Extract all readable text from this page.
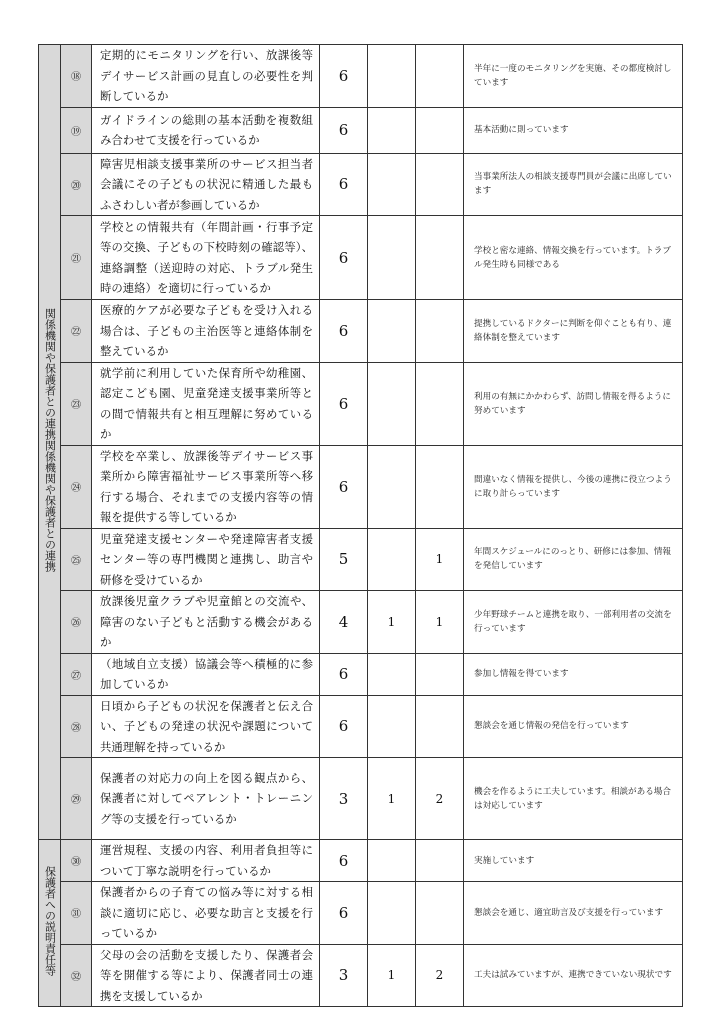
関係機関や保護者との連携関係機関や保護者との連携	⑱	定期的にモニタリングを行い、放課後等デイサービス計画の見直しの必要性を判断しているか	6			半年に一度のモニタリングを実施、その都度検討しています
	⑲	ガイドラインの総則の基本活動を複数組み合わせて支援を行っているか	6			基本活動に則っています
	⑳	障害児相談支援事業所のサービス担当者会議にその子どもの状況に精通した最もふさわしい者が参画しているか	6			当事業所法人の相談支援専門員が会議に出席しています
	㉑	学校との情報共有（年間計画・行事予定等の交換、子どもの下校時刻の確認等）、連絡調整（送迎時の対応、トラブル発生時の連絡）を適切に行っているか	6			学校と密な連絡、情報交換を行っています。トラブル発生時も同様である
	㉒	医療的ケアが必要な子どもを受け入れる場合は、子どもの主治医等と連絡体制を整えているか	6			提携しているドクターに判断を仰ぐことも有り、連絡体制を整えています
	㉓	就学前に利用していた保育所や幼稚園、認定こども園、児童発達支援事業所等との間で情報共有と相互理解に努めているか	6			利用の有無にかかわらず、訪問し情報を得るように努めています
	㉔	学校を卒業し、放課後等デイサービス事業所から障害福祉サービス事業所等へ移行する場合、それまでの支援内容等の情報を提供する等しているか	6			間違いなく情報を提供し、今後の連携に役立つように取り計らっています
	㉕	児童発達支援センターや発達障害者支援センター等の専門機関と連携し、助言や研修を受けているか	5		1	年間スケジュールにのっとり、研修には参加、情報を発信しています
	㉖	放課後児童クラブや児童館との交流や、障害のない子どもと活動する機会があるか	4	1	1	少年野球チームと連携を取り、一部利用者の交流を行っています
	㉗	（地域自立支援）協議会等へ積極的に参加しているか	6			参加し情報を得ています
	㉘	日頃から子どもの状況を保護者と伝え合い、子どもの発達の状況や課題について共通理解を持っているか	6			懇談会を通じ情報の発信を行っています
	㉙	保護者の対応力の向上を図る観点から、保護者に対してペアレント・トレーニング等の支援を行っているか	3	1	2	機会を作るように工夫しています。相談がある場合は対応しています
保護者への説明責任等	㉚	運営規程、支援の内容、利用者負担等について丁寧な説明を行っているか	6			実施しています
	㉛	保護者からの子育ての悩み等に対する相談に適切に応じ、必要な助言と支援を行っているか	6			懇談会を通じ、適宜助言及び支援を行っています
	㉜	父母の会の活動を支援したり、保護者会等を開催する等により、保護者同士の連携を支援しているか	3	1	2	工夫は試みていますが、連携できていない現状です
